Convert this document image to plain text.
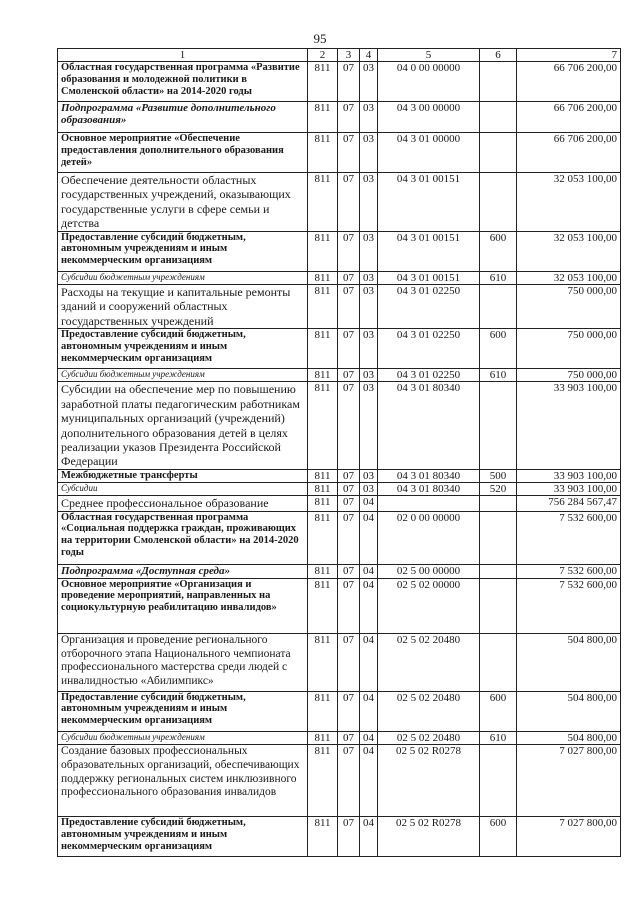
95
1	2	3	4	5	6	7
Областная государственная программа «Развитие образования и молодежной политики в Смоленской области» на 2014-2020 годы	811	07	03	04 0 00 00000		66 706 200,00
Подпрограмма «Развитие дополнительного образования»	811	07	03	04 3 00 00000		66 706 200,00
Основное мероприятие «Обеспечение предоставления дополнительного образования детей»	811	07	03	04 3 01 00000		66 706 200,00
Обеспечение деятельности областных государственных учреждений, оказывающих государственные услуги в сфере семьи и детства	811	07	03	04 3 01 00151		32 053 100,00
Предоставление субсидий бюджетным, автономным учреждениям и иным некоммерческим организациям	811	07	03	04 3 01 00151	600	32 053 100,00
Субсидии бюджетным учреждениям	811	07	03	04 3 01 00151	610	32 053 100,00
Расходы на текущие и капитальные ремонты зданий и сооружений областных государственных учреждений	811	07	03	04 3 01 02250		750 000,00
Предоставление субсидий бюджетным, автономным учреждениям и иным некоммерческим организациям	811	07	03	04 3 01 02250	600	750 000,00
Субсидии бюджетным учреждениям	811	07	03	04 3 01 02250	610	750 000,00
Субсидии на обеспечение мер по повышению заработной платы педагогическим работникам муниципальных организаций (учреждений) дополнительного образования детей в целях реализации указов Президента Российской Федерации	811	07	03	04 3 01 80340		33 903 100,00
Межбюджетные трансферты	811	07	03	04 3 01 80340	500	33 903 100,00
Субсидии	811	07	03	04 3 01 80340	520	33 903 100,00
Среднее профессиональное образование	811	07	04			756 284 567,47
Областная государственная программа «Социальная поддержка граждан, проживающих на территории Смоленской области» на 2014-2020 годы	811	07	04	02 0 00 00000		7 532 600,00
Подпрограмма «Доступная среда»	811	07	04	02 5 00 00000		7 532 600,00
Основное мероприятие «Организация и проведение мероприятий, направленных на социокультурную реабилитацию инвалидов»	811	07	04	02 5 02 00000		7 532 600,00
Организация и проведение регионального отборочного этапа Национального чемпионата профессионального мастерства среди людей с инвалидностью «Абилимпикс»	811	07	04	02 5 02 20480		504 800,00
Предоставление субсидий бюджетным, автономным учреждениям и иным некоммерческим организациям	811	07	04	02 5 02 20480	600	504 800,00
Субсидии бюджетным учреждениям	811	07	04	02 5 02 20480	610	504 800,00
Создание базовых профессиональных образовательных организаций, обеспечивающих поддержку региональных систем инклюзивного профессионального образования инвалидов	811	07	04	02 5 02 R0278		7 027 800,00
Предоставление субсидий бюджетным, автономным учреждениям и иным некоммерческим организациям	811	07	04	02 5 02 R0278	600	7 027 800,00
